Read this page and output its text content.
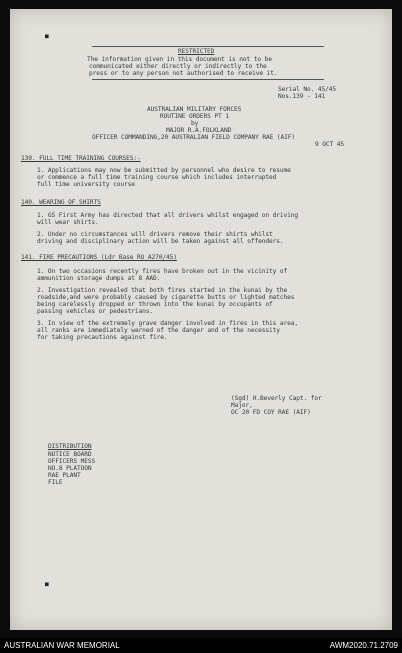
■
■
RESTRICTED
The information given in this document is not to be
communicated either directly or indirectly to the
press or to any person not authorised to receive it.
Serial No. 45/45
Nos.139 - 141
AUSTRALIAN MILITARY FORCES
ROUTINE ORDERS PT 1
by
MAJOR R.A.FOLKLAND
OFFICER COMMANDING,20 AUSTRALIAN FIELD COMPANY RAE (AIF)
9 OCT 45
139. FULL TIME TRAINING COURSES:-
1. Applications may now be submitted by personnel who desire to resume
or commence a full time training course which includes interrupted
full time university course
140. WEARING OF SHIRTS
1. GS First Army has directed that all drivers whilst engaged on driving
will wear shirts.
2. Under no circumstances will drivers remove their shirts whilst
driving and disciplinary action will be taken against all offenders.
141. FIRE PRECAUTIONS (Ldr Base RO A270/45)
1. On two occasions recently fires have broken out in the vicinity of
ammunition storage dumps at 8 AAD.
2. Investigation revealed that both fires started in the kunai by the
roadside,and were probably caused by cigarette butts or lighted matches
being carelessly dropped or thrown into the kunai by occupants of
passing vehicles or pedestrians.
3. In view of the extremely grave danger involved in fires in this area,
all ranks are immediately warned of the danger and of the necessity
for taking precautions against fire.
(Sgd) H.Beverly Capt. for
Major,
OC 20 FD COY RAE (AIF)
DISTRIBUTION
NOTICE BOARD
OFFICERS MESS
NO.8 PLATOON
RAE PLANT
FILE
AUSTRALIAN WAR MEMORIAL	AWM2020.71.2709
